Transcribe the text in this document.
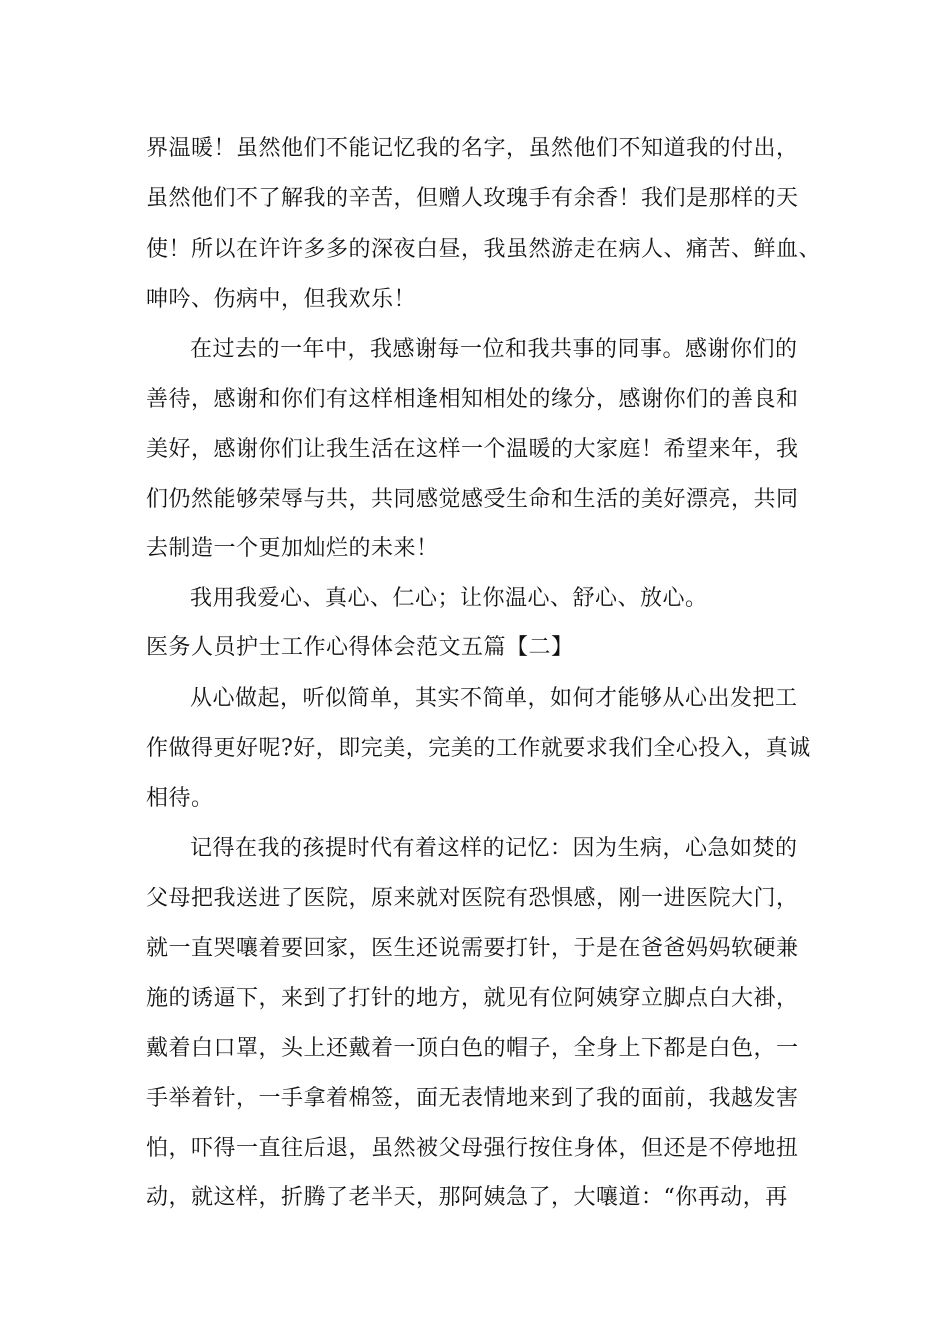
界温暖！虽然他们不能记忆我的名字，虽然他们不知道我的付出，
虽然他们不了解我的辛苦，但赠人玫瑰手有余香！我们是那样的天
使！所以在许许多多的深夜白昼，我虽然游走在病人、痛苦、鲜血、
呻吟、伤病中，但我欢乐！
在过去的一年中，我感谢每一位和我共事的同事。感谢你们的
善待，感谢和你们有这样相逢相知相处的缘分，感谢你们的善良和
美好，感谢你们让我生活在这样一个温暖的大家庭！希望来年，我
们仍然能够荣辱与共，共同感觉感受生命和生活的美好漂亮，共同
去制造一个更加灿烂的未来！
我用我爱心、真心、仁心；让你温心、舒心、放心。
医务人员护士工作心得体会范文五篇【二】
从心做起，听似简单，其实不简单，如何才能够从心出发把工
作做得更好呢?好，即完美，完美的工作就要求我们全心投入，真诚
相待。
记得在我的孩提时代有着这样的记忆：因为生病，心急如焚的
父母把我送进了医院，原来就对医院有恐惧感，刚一进医院大门，
就一直哭嚷着要回家，医生还说需要打针，于是在爸爸妈妈软硬兼
施的诱逼下，来到了打针的地方，就见有位阿姨穿立脚点白大褂，
戴着白口罩，头上还戴着一顶白色的帽子，全身上下都是白色，一
手举着针，一手拿着棉签，面无表情地来到了我的面前，我越发害
怕，吓得一直往后退，虽然被父母强行按住身体，但还是不停地扭
动，就这样，折腾了老半天，那阿姨急了，大嚷道：“你再动，再
